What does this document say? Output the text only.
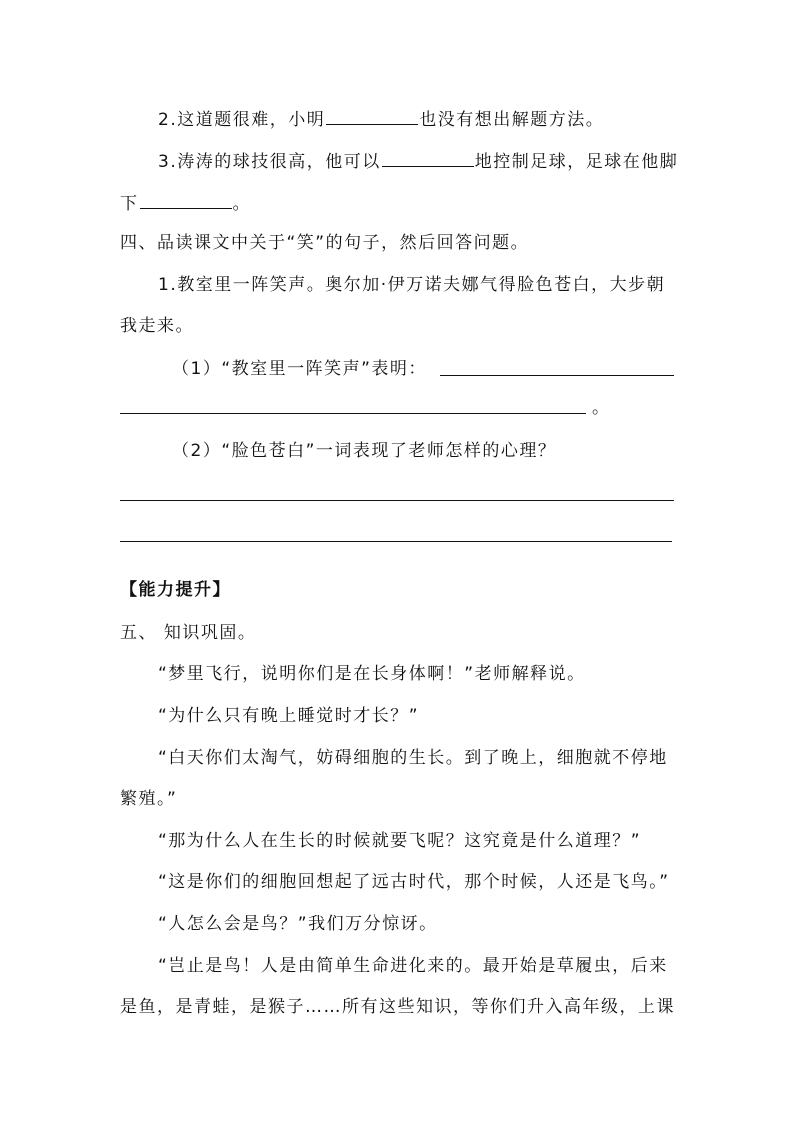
2.这道题很难，小明	也没有想出解题方法。
3.涛涛的球技很高，他可以	地控制足球，足球在他脚
下	。
四、品读课文中关于“笑”的句子，然后回答问题。
1.教室里一阵笑声。奥尔加·伊万诺夫娜气得脸色苍白，大步朝
我走来。
（1）“教室里一阵笑声”表明：
。
（2）“脸色苍白”一词表现了老师怎样的心理？
【能力提升】
五、 知识巩固。
“梦里飞行，说明你们是在长身体啊！”老师解释说。
“为什么只有晚上睡觉时才长？”
“白天你们太淘气，妨碍细胞的生长。到了晚上，细胞就不停地
繁殖。”
“那为什么人在生长的时候就要飞呢？这究竟是什么道理？”
“这是你们的细胞回想起了远古时代，那个时候，人还是飞鸟。”
“人怎么会是鸟？”我们万分惊讶。
“岂止是鸟！人是由简单生命进化来的。最开始是草履虫，后来
是鱼，是青蛙，是猴子……所有这些知识，等你们升入高年级，上课
